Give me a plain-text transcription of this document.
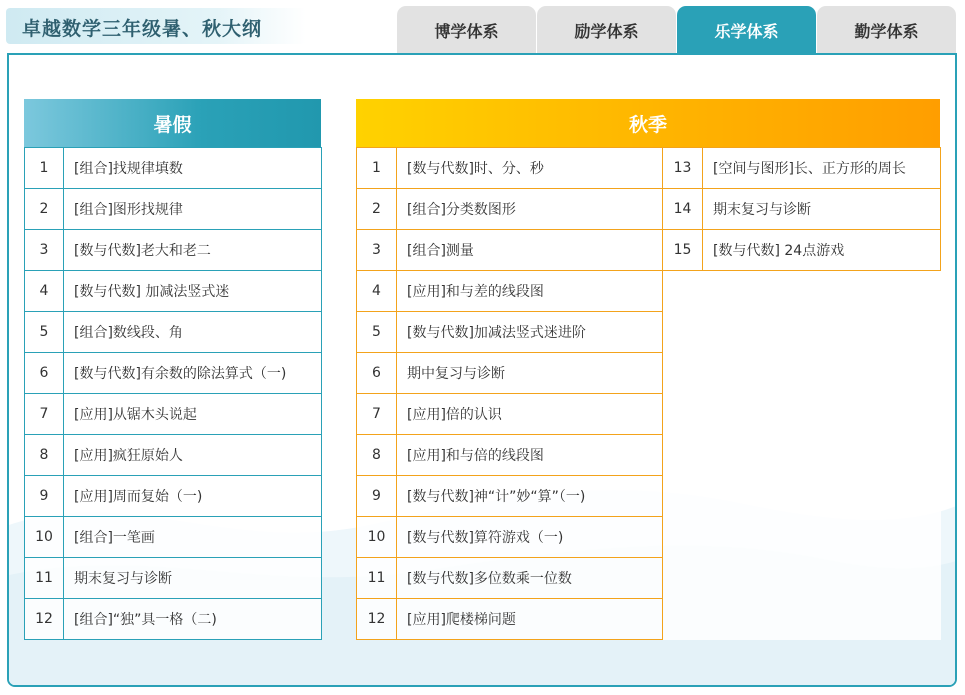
卓越数学三年级暑、秋大纲	博学体系	励学体系	乐学体系	勤学体系
暑假
1	[组合]找规律填数
2	[组合]图形找规律
3	[数与代数]老大和老二
4	[数与代数] 加减法竖式迷
5	[组合]数线段、角
6	[数与代数]有余数的除法算式（一)
7	[应用]从锯木头说起
8	[应用]疯狂原始人
9	[应用]周而复始（一)
10	[组合]一笔画
11	期末复习与诊断
12	[组合]“独”具一格（二)
秋季
1	[数与代数]时、分、秒	13	[空间与图形]长、正方形的周长
2	[组合]分类数图形	14	期末复习与诊断
3	[组合]测量	15	[数与代数] 24点游戏
4	[应用]和与差的线段图		
5	[数与代数]加减法竖式迷进阶		
6	期中复习与诊断		
7	[应用]倍的认识		
8	[应用]和与倍的线段图		
9	[数与代数]神“计”妙“算”（一)		
10	[数与代数]算符游戏（一)		
11	[数与代数]多位数乘一位数		
12	[应用]爬楼梯问题		
